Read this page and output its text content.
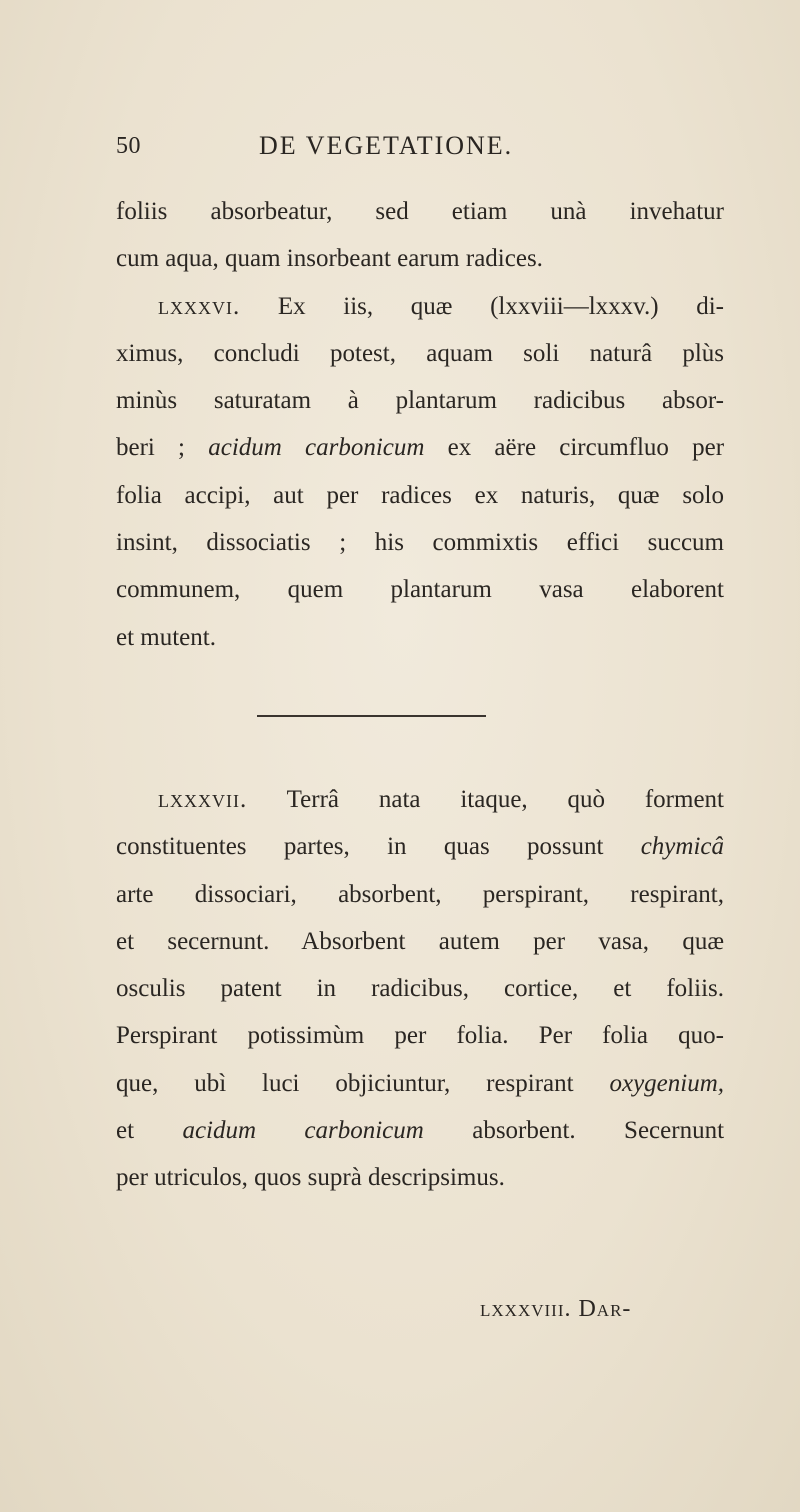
50	DE VEGETATIONE.
foliis absorbeatur, sed etiam unà invehatur
cum aqua, quam insorbeant earum radices.
lxxxvi. Ex iis, quæ (lxxviii—lxxxv.) di-
ximus, concludi potest, aquam soli naturâ plùs
minùs saturatam à plantarum radicibus absor-
beri ; acidum carbonicum ex aëre circumfluo per
folia accipi, aut per radices ex naturis, quæ solo
insint, dissociatis ; his commixtis effici succum
communem, quem plantarum vasa elaborent
et mutent.
lxxxvii. Terrâ nata itaque, quò forment
constituentes partes, in quas possunt chymicâ
arte dissociari, absorbent, perspirant, respirant,
et secernunt. Absorbent autem per vasa, quæ
osculis patent in radicibus, cortice, et foliis.
Perspirant potissimùm per folia. Per folia quo-
que, ubì luci objiciuntur, respirant oxygenium,
et acidum carbonicum absorbent. Secernunt
per utriculos, quos suprà descripsimus.
lxxxviii. Dar-
